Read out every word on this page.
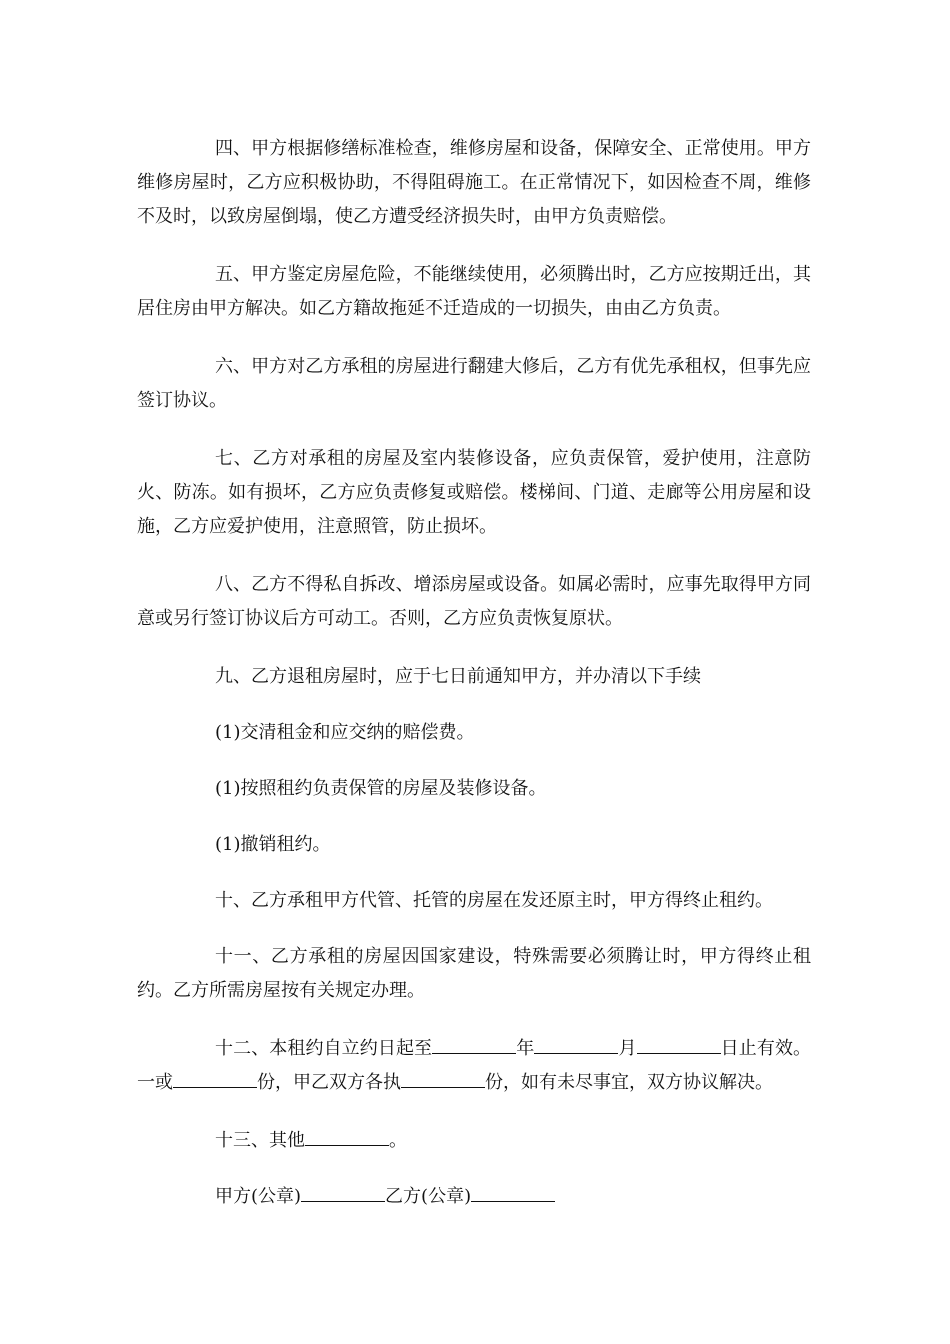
四、甲方根据修缮标准检查，维修房屋和设备，保障安全、正常使用。甲方维修房屋时，乙方应积极协助，不得阻碍施工。在正常情况下，如因检查不周，维修不及时，以致房屋倒塌，使乙方遭受经济损失时，由甲方负责赔偿。

五、甲方鉴定房屋危险，不能继续使用，必须腾出时，乙方应按期迁出，其居住房由甲方解决。如乙方籍故拖延不迁造成的一切损失，由由乙方负责。

六、甲方对乙方承租的房屋进行翻建大修后，乙方有优先承租权，但事先应签订协议。

七、乙方对承租的房屋及室内装修设备，应负责保管，爱护使用，注意防火、防冻。如有损坏，乙方应负责修复或赔偿。楼梯间、门道、走廊等公用房屋和设施，乙方应爱护使用，注意照管，防止损坏。

八、乙方不得私自拆改、增添房屋或设备。如属必需时，应事先取得甲方同意或另行签订协议后方可动工。否则，乙方应负责恢复原状。

九、乙方退租房屋时，应于七日前通知甲方，并办清以下手续

(1)交清租金和应交纳的赔偿费。

(1)按照租约负责保管的房屋及装修设备。

(1)撤销租约。

十、乙方承租甲方代管、托管的房屋在发还原主时，甲方得终止租约。

十一、乙方承租的房屋因国家建设，特殊需要必须腾让时，甲方得终止租约。乙方所需房屋按有关规定办理。

十二、本租约自立约日起至	年	月	日止有效。一或	份，甲乙双方各执	份，如有未尽事宜，双方协议解决。

十三、其他	。

甲方(公章)	乙方(公章)
